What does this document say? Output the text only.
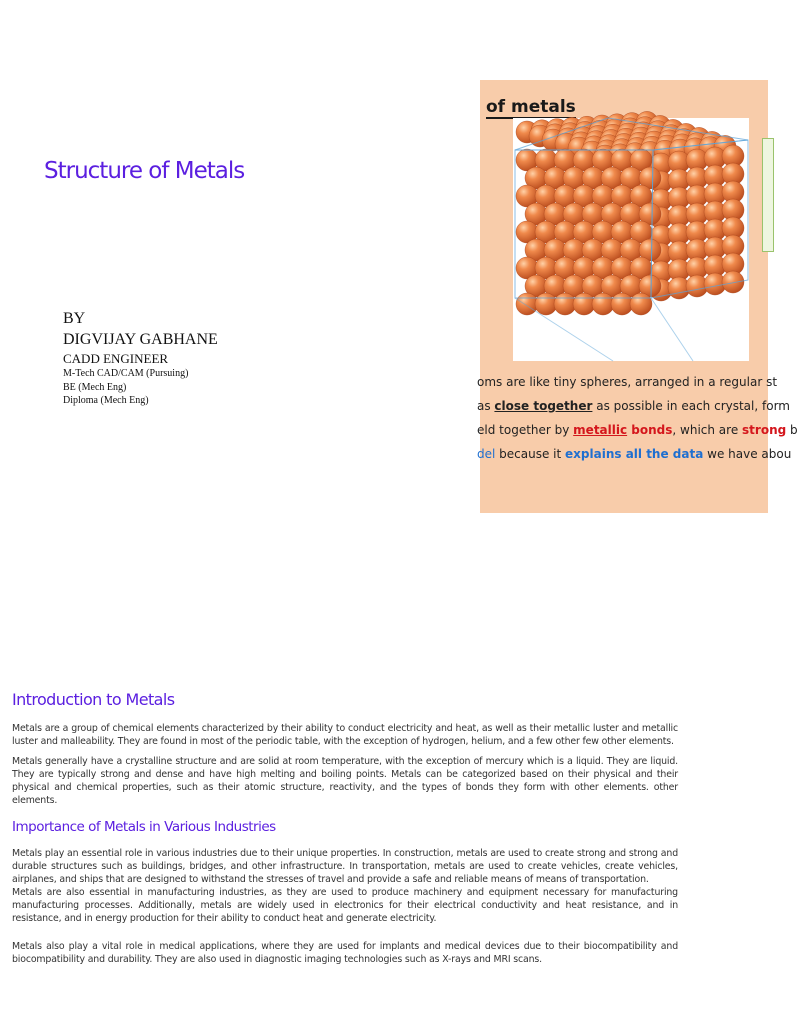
Structure of Metals
BY
DIGVIJAY GABHANE
CADD ENGINEER
M-Tech CAD/CAM (Pursuing)
BE (Mech Eng)
Diploma (Mech Eng)
of metals
oms are like tiny spheres, arranged in a regular st
as close together as possible in each crystal, form
eld together by metallic bonds, which are strong b
del because it explains all the data we have abou
Introduction to Metals

Metals are a group of chemical elements characterized by their ability to conduct electricity and heat, as well as their metallic luster and metallic luster and malleability. They are found in most of the periodic table, with the exception of hydrogen, helium, and a few other few other elements.

Metals generally have a crystalline structure and are solid at room temperature, with the exception of mercury which is a liquid. They are liquid. They are typically strong and dense and have high melting and boiling points. Metals can be categorized based on their physical and their physical and chemical properties, such as their atomic structure, reactivity, and the types of bonds they form with other elements. other elements.

Importance of Metals in Various Industries

Metals play an essential role in various industries due to their unique properties. In construction, metals are used to create strong and strong and durable structures such as buildings, bridges, and other infrastructure. In transportation, metals are used to create vehicles, create vehicles, airplanes, and ships that are designed to withstand the stresses of travel and provide a safe and reliable means of means of transportation.

Metals are also essential in manufacturing industries, as they are used to produce machinery and equipment necessary for manufacturing manufacturing processes. Additionally, metals are widely used in electronics for their electrical conductivity and heat resistance, and in resistance, and in energy production for their ability to conduct heat and generate electricity.

Metals also play a vital role in medical applications, where they are used for implants and medical devices due to their biocompatibility and biocompatibility and durability. They are also used in diagnostic imaging technologies such as X-rays and MRI scans.
